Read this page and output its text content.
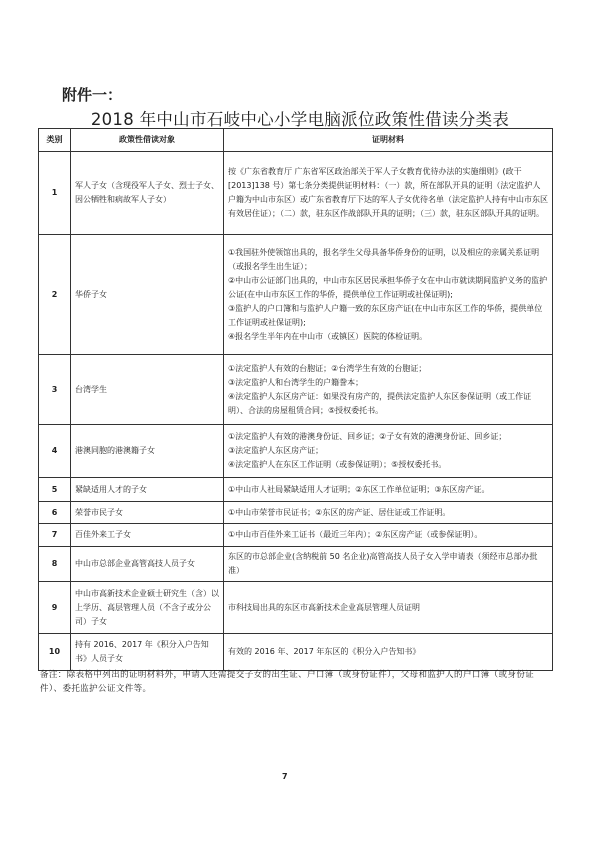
附件一：
2018 年中山市石岐中心小学电脑派位政策性借读分类表
类别	政策性借读对象	证明材料
1	军人子女（含现役军人子女、烈士子女、因公牺牲和病故军人子女）	按《广东省教育厅 广东省军区政治部关于军人子女教育优待办法的实施细则》(政干[2013]138 号）第七条分类提供证明材料：（一）款，所在部队开具的证明（法定监护人户籍为中山市东区）或广东省教育厅下达的军人子女优待名单（法定监护人持有中山市东区有效居住证）；（二）款，驻东区作战部队开具的证明；（三）款，驻东区部队开具的证明。

2	华侨子女	①我国驻外使领馆出具的，报名学生父母具备华侨身份的证明，以及相应的亲属关系证明（或报名学生出生证）；
②中山市公证部门出具的，中山市东区居民承担华侨子女在中山市就读期间监护义务的监护公证(在中山市东区工作的华侨，提供单位工作证明或社保证明);
③监护人的户口簿和与监护人户籍一致的东区房产证(在中山市东区工作的华侨，提供单位工作证明或社保证明);
④报名学生半年内在中山市（或镇区）医院的体检证明。

3	台湾学生	①法定监护人有效的台胞证；②台湾学生有效的台胞证；
③法定监护人和台湾学生的户籍誊本；
④法定监护人东区房产证：如果没有房产的，提供法定监护人东区参保证明（或工作证明）、合法的房屋租赁合同；⑤授权委托书。

4	港澳同胞的港澳籍子女	①法定监护人有效的港澳身份证、回乡证；②子女有效的港澳身份证、回乡证；
③法定监护人东区房产证；
④法定监护人在东区工作证明（或参保证明）；⑤授权委托书。

5	紧缺适用人才的子女	①中山市人社局紧缺适用人才证明；②东区工作单位证明；③东区房产证。

6	荣誉市民子女	①中山市荣誉市民证书；②东区的房产证、居住证或工作证明。

7	百佳外来工子女	①中山市百佳外来工证书（最近三年内）；②东区房产证（或参保证明）。

8	中山市总部企业高管高技人员子女	东区的市总部企业(含纳税前 50 名企业)高管高技人员子女入学申请表（须经市总部办批准）

9	中山市高新技术企业硕士研究生（含）以上学历、高层管理人员（不含子或分公司）子女	市科技局出具的东区市高新技术企业高层管理人员证明

10	持有 2016、2017 年《积分入户告知书》人员子女	有效的 2016 年、2017 年东区的《积分入户告知书》
备注：除表格中列出的证明材料外，申请人还需提交子女的出生证、户口簿（或身份证件），父母和监护人的户口簿（或身份证件）、委托监护公证文件等。
7
